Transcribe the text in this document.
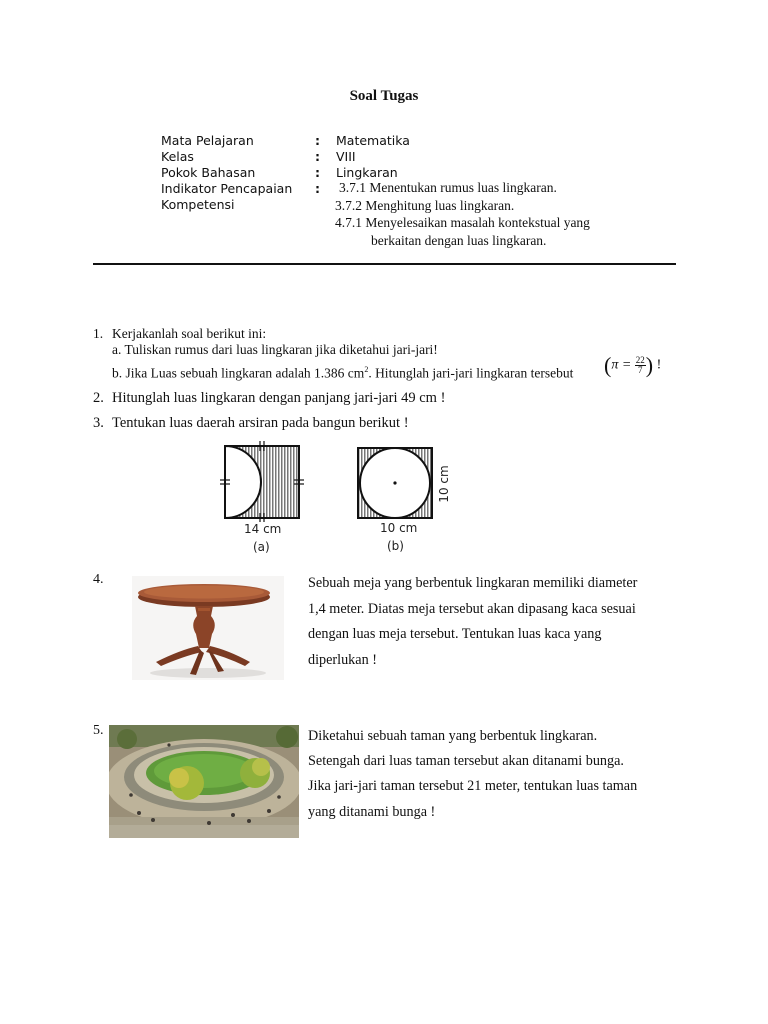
Soal Tugas
Mata Pelajaran	: Matematika
Kelas	: VIII
Pokok Bahasan	: Lingkaran
Indikator Pencapaian :
Kompetensi
3.7.1 Menentukan rumus luas lingkaran.
3.7.2 Menghitung luas lingkaran.
4.7.1 Menyelesaikan masalah kontekstual yang
berkaitan dengan luas lingkaran.
1. Kerjakanlah soal berikut ini:
a. Tuliskan rumus dari luas lingkaran jika diketahui jari-jari!
b. Jika Luas sebuah lingkaran adalah 1.386 $cm^2$. Hitunglah jari-jari lingkaran tersebut ($\pi = \frac{22}{7}$ ) !
2. Hitunglah luas lingkaran dengan panjang jari-jari 49 cm !
3. Tentukan luas daerah arsiran pada bangun berikut !
14 cm
(a)
10 cm
(b)
10 cm
4.	Sebuah meja yang berbentuk lingkaran memiliki diameter
1,4 meter. Diatas meja tersebut akan dipasang kaca sesuai
dengan luas meja tersebut. Tentukan luas kaca yang
diperlukan !
5.	Diketahui sebuah taman yang berbentuk lingkaran.
Setengah dari luas taman tersebut akan ditanami bunga.
Jika jari-jari taman tersebut 21 meter, tentukan luas taman
yang ditanami bunga !
